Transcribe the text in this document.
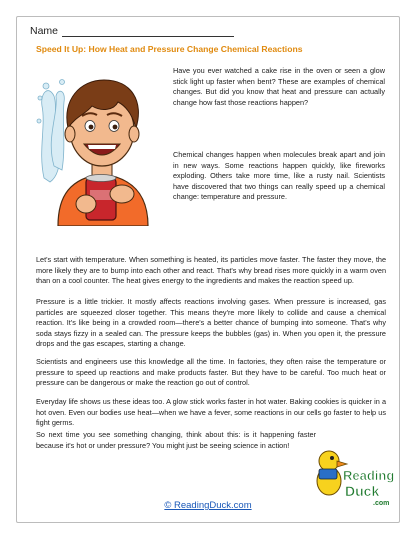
Name
Speed It Up: How Heat and Pressure Change Chemical Reactions

Have you ever watched a cake rise in the oven or seen a glow stick light up faster when bent? These are examples of chemical changes. But did you know that heat and pressure can actually change how fast those reactions happen?

Chemical changes happen when molecules break apart and join in new ways. Some reactions happen quickly, like fireworks exploding. Others take more time, like a rusty nail. Scientists have discovered that two things can really speed up a chemical change: temperature and pressure.

Let's start with temperature. When something is heated, its particles move faster. The faster they move, the more likely they are to bump into each other and react. That's why bread rises more quickly in a warm oven than on a cool counter. The heat gives energy to the ingredients and makes the reaction speed up.

Pressure is a little trickier. It mostly affects reactions involving gases. When pressure is increased, gas particles are squeezed closer together. This means they're more likely to collide and cause a chemical reaction. It's like being in a crowded room—there's a better chance of bumping into someone. That's why soda stays fizzy in a sealed can. The pressure keeps the bubbles (gas) in. When you open it, the pressure drops and the gas escapes, starting a change.

Scientists and engineers use this knowledge all the time. In factories, they often raise the temperature or pressure to speed up reactions and make products faster. But they have to be careful. Too much heat or pressure can be dangerous or make the reaction go out of control.

Everyday life shows us these ideas too. A glow stick works faster in hot water. Baking cookies is quicker in a hot oven. Even our bodies use heat—when we have a fever, some reactions in our cells go faster to help us fight germs.

So next time you see something changing, think about this: is it happening faster because it's hot or under pressure? You might just be seeing science in action!

Reading
Duck
.com
© ReadingDuck.com
